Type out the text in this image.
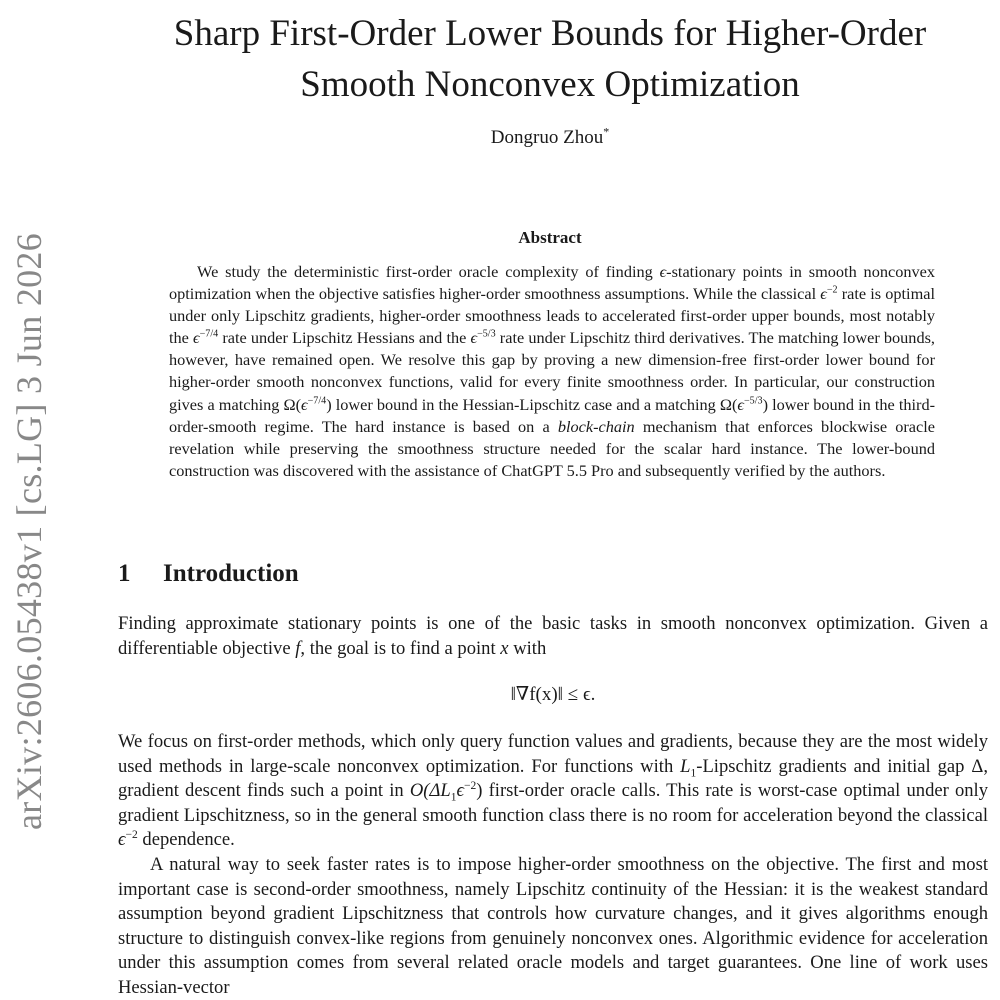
arXiv:2606.05438v1 [cs.LG] 3 Jun 2026
Sharp First-Order Lower Bounds for Higher-Order Smooth Nonconvex Optimization
Dongruo Zhou*
Abstract

We study the deterministic first-order oracle complexity of finding ϵ-stationary points in smooth nonconvex optimization when the objective satisfies higher-order smoothness assumptions. While the classical $\epsilon^{-2}$ rate is optimal under only Lipschitz gradients, higher-order smoothness leads to accelerated first-order upper bounds, most notably the $\epsilon^{-7/4}$ rate under Lipschitz Hessians and the $\epsilon^{-5/3}$ rate under Lipschitz third derivatives. The matching lower bounds, however, have remained open. We resolve this gap by proving a new dimension-free first-order lower bound for higher-order smooth nonconvex functions, valid for every finite smoothness order. In particular, our construction gives a matching $\Omega(\epsilon^{-7/4})$ lower bound in the Hessian-Lipschitz case and a matching $\Omega(\epsilon^{-5/3})$ lower bound in the third-order-smooth regime. The hard instance is based on a block-chain mechanism that enforces blockwise oracle revelation while preserving the smoothness structure needed for the scalar hard instance. The lower-bound construction was discovered with the assistance of ChatGPT 5.5 Pro and subsequently verified by the authors.

1 Introduction

Finding approximate stationary points is one of the basic tasks in smooth nonconvex optimization. Given a differentiable objective f, the goal is to find a point x with

‖∇f(x)‖ ≤ ϵ.

We focus on first-order methods, which only query function values and gradients, because they are the most widely used methods in large-scale nonconvex optimization. For functions with $L_1$-Lipschitz gradients and initial gap Δ, gradient descent finds such a point in $O(\Delta L_1\epsilon^{-2})$ first-order oracle calls. This rate is worst-case optimal under only gradient Lipschitzness, so in the general smooth function class there is no room for acceleration beyond the classical $\epsilon^{-2}$ dependence.

A natural way to seek faster rates is to impose higher-order smoothness on the objective. The first and most important case is second-order smoothness, namely Lipschitz continuity of the Hessian: it is the weakest standard assumption beyond gradient Lipschitzness that controls how curvature changes, and it gives algorithms enough structure to distinguish convex-like regions from genuinely nonconvex ones. Algorithmic evidence for acceleration under this assumption comes from several related oracle models and target guarantees. One line of work uses Hessian-vector
